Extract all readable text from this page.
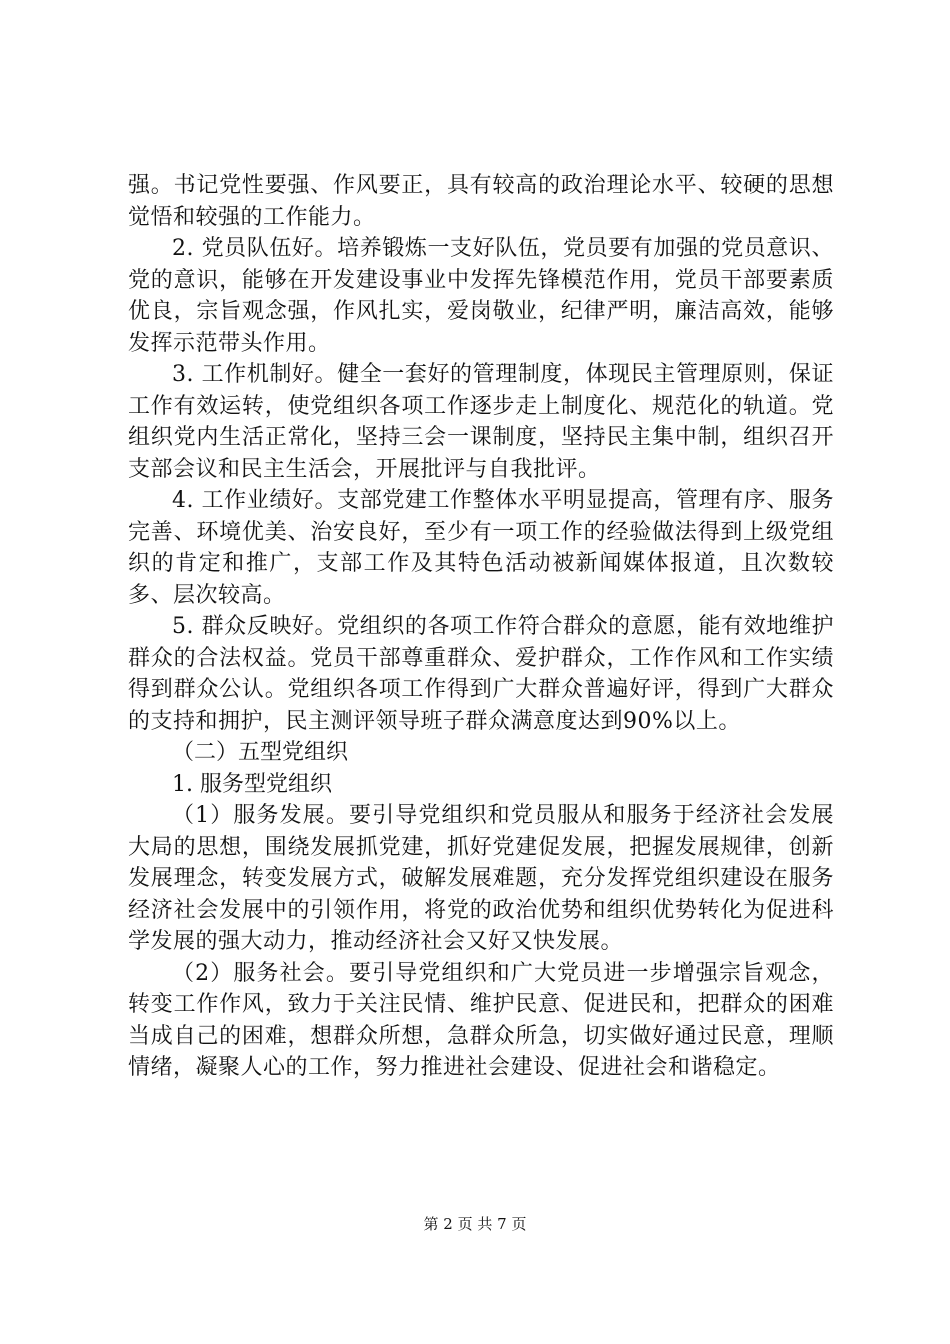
强。书记党性要强、作风要正，具有较高的政治理论水平、较硬的思想觉悟和较强的工作能力。

2. 党员队伍好。培养锻炼一支好队伍，党员要有加强的党员意识、党的意识，能够在开发建设事业中发挥先锋模范作用，党员干部要素质优良，宗旨观念强，作风扎实，爱岗敬业，纪律严明，廉洁高效，能够发挥示范带头作用。

3. 工作机制好。健全一套好的管理制度，体现民主管理原则，保证工作有效运转，使党组织各项工作逐步走上制度化、规范化的轨道。党组织党内生活正常化，坚持三会一课制度，坚持民主集中制，组织召开支部会议和民主生活会，开展批评与自我批评。

4. 工作业绩好。支部党建工作整体水平明显提高，管理有序、服务完善、环境优美、治安良好，至少有一项工作的经验做法得到上级党组织的肯定和推广，支部工作及其特色活动被新闻媒体报道，且次数较多、层次较高。

5. 群众反映好。党组织的各项工作符合群众的意愿，能有效地维护群众的合法权益。党员干部尊重群众、爱护群众，工作作风和工作实绩得到群众公认。党组织各项工作得到广大群众普遍好评，得到广大群众的支持和拥护，民主测评领导班子群众满意度达到90%以上。

（二）五型党组织

1. 服务型党组织

（1）服务发展。要引导党组织和党员服从和服务于经济社会发展大局的思想，围绕发展抓党建，抓好党建促发展，把握发展规律，创新发展理念，转变发展方式，破解发展难题，充分发挥党组织建设在服务经济社会发展中的引领作用，将党的政治优势和组织优势转化为促进科学发展的强大动力，推动经济社会又好又快发展。

（2）服务社会。要引导党组织和广大党员进一步增强宗旨观念，转变工作作风，致力于关注民情、维护民意、促进民和，把群众的困难当成自己的困难，想群众所想，急群众所急，切实做好通过民意，理顺情绪，凝聚人心的工作，努力推进社会建设、促进社会和谐稳定。

第 2 页 共 7 页
